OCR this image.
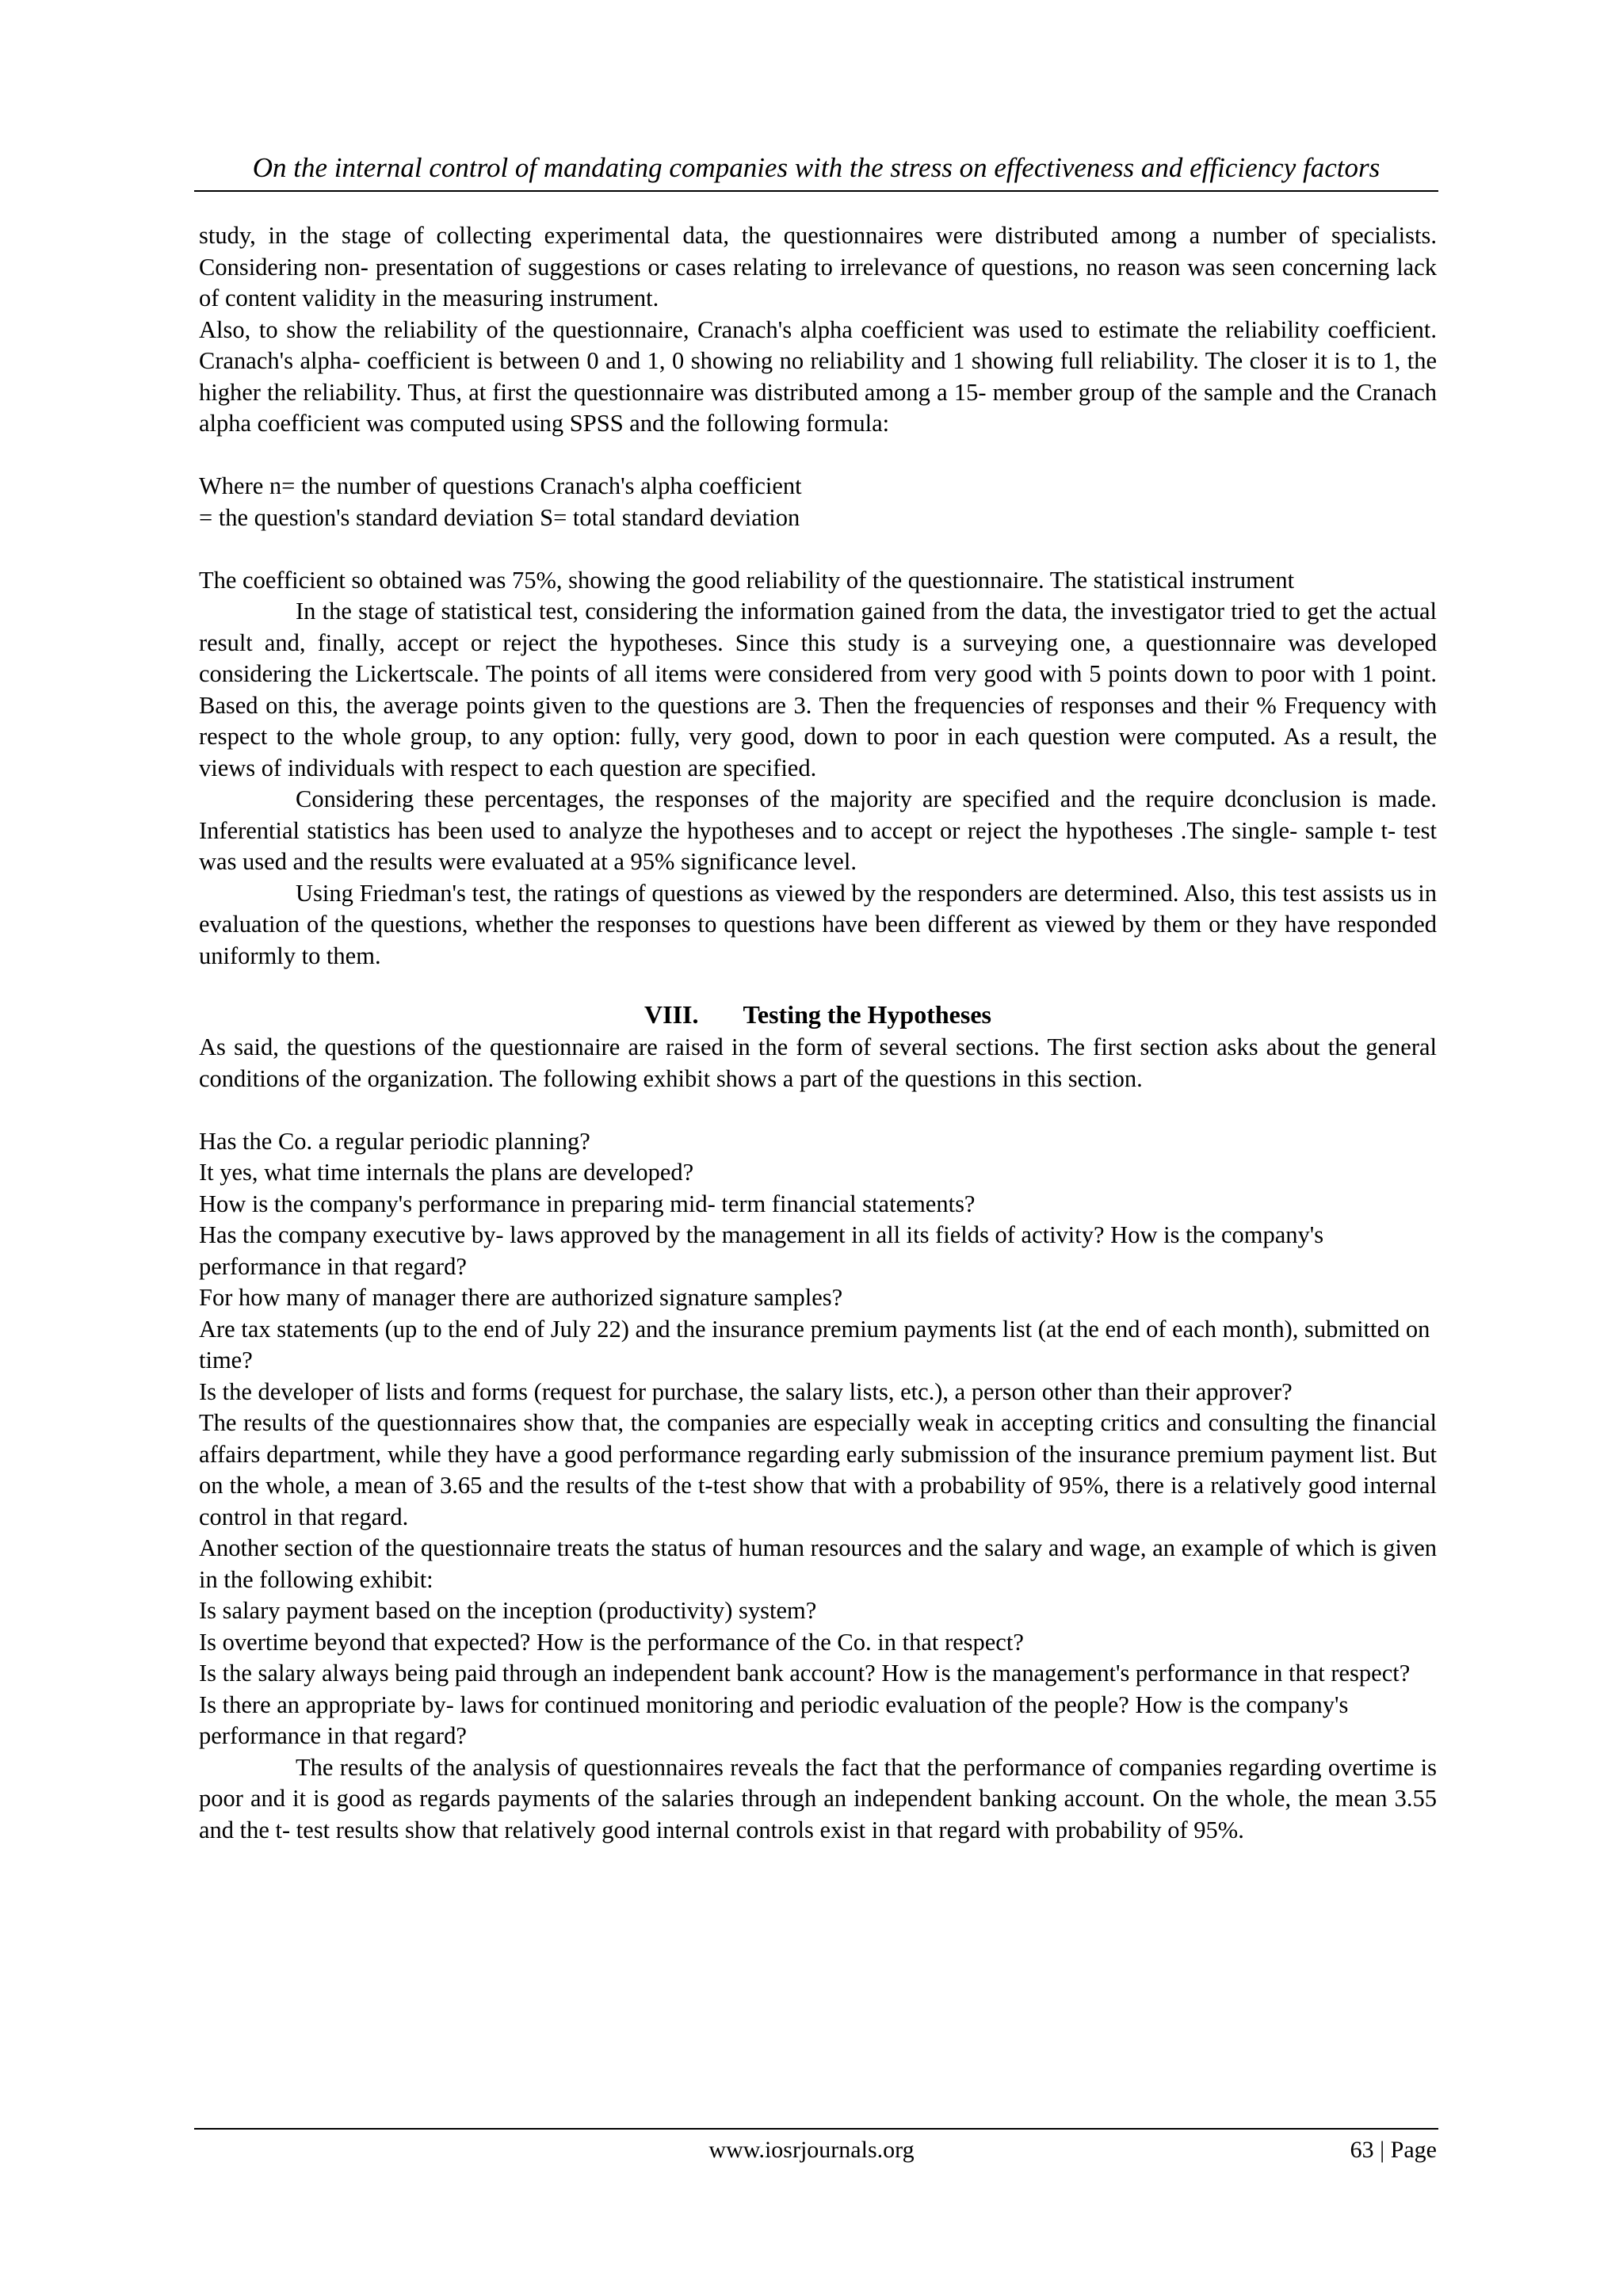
On the internal control of mandating companies with the stress on effectiveness and efficiency factors

study, in the stage of collecting experimental data, the questionnaires were distributed among a number of specialists. Considering non- presentation of suggestions or cases relating to irrelevance of questions, no reason was seen concerning lack of content validity in the measuring instrument.

Also, to show the reliability of the questionnaire, Cranach's alpha coefficient was used to estimate the reliability coefficient. Cranach's alpha- coefficient is between 0 and 1, 0 showing no reliability and 1 showing full reliability. The closer it is to 1, the higher the reliability. Thus, at first the questionnaire was distributed among a 15- member group of the sample and the Cranach alpha coefficient was computed using SPSS and the following formula:

Where n= the number of questions Cranach's alpha coefficient

= the question's standard deviation S= total standard deviation

The coefficient so obtained was 75%, showing the good reliability of the questionnaire. The statistical instrument

In the stage of statistical test, considering the information gained from the data, the investigator tried to get the actual result and, finally, accept or reject the hypotheses. Since this study is a surveying one, a questionnaire was developed considering the Lickertscale. The points of all items were considered from very good with 5 points down to poor with 1 point. Based on this, the average points given to the questions are 3. Then the frequencies of responses and their % Frequency with respect to the whole group, to any option: fully, very good, down to poor in each question were computed. As a result, the views of individuals with respect to each question are specified.

Considering these percentages, the responses of the majority are specified and the require dconclusion is made. Inferential statistics has been used to analyze the hypotheses and to accept or reject the hypotheses .The single- sample t- test was used and the results were evaluated at a 95% significance level.

Using Friedman's test, the ratings of questions as viewed by the responders are determined. Also, this test assists us in evaluation of the questions, whether the responses to questions have been different as viewed by them or they have responded uniformly to them.

VIII. Testing the Hypotheses

As said, the questions of the questionnaire are raised in the form of several sections. The first section asks about the general conditions of the organization. The following exhibit shows a part of the questions in this section.

Has the Co. a regular periodic planning?

It yes, what time internals the plans are developed?

How is the company's performance in preparing mid- term financial statements?

Has the company executive by- laws approved by the management in all its fields of activity? How is the company's performance in that regard?

For how many of manager there are authorized signature samples?

Are tax statements (up to the end of July 22) and the insurance premium payments list (at the end of each month), submitted on time?

Is the developer of lists and forms (request for purchase, the salary lists, etc.), a person other than their approver?

The results of the questionnaires show that, the companies are especially weak in accepting critics and consulting the financial affairs department, while they have a good performance regarding early submission of the insurance premium payment list. But on the whole, a mean of 3.65 and the results of the t-test show that with a probability of 95%, there is a relatively good internal control in that regard.

Another section of the questionnaire treats the status of human resources and the salary and wage, an example of which is given in the following exhibit:

Is salary payment based on the inception (productivity) system?

Is overtime beyond that expected? How is the performance of the Co. in that respect?

Is the salary always being paid through an independent bank account? How is the management's performance in that respect?

Is there an appropriate by- laws for continued monitoring and periodic evaluation of the people? How is the company's performance in that regard?

The results of the analysis of questionnaires reveals the fact that the performance of companies regarding overtime is poor and it is good as regards payments of the salaries through an independent banking account. On the whole, the mean 3.55 and the t- test results show that relatively good internal controls exist in that regard with probability of 95%.

www.iosrjournals.org	63 | Page
